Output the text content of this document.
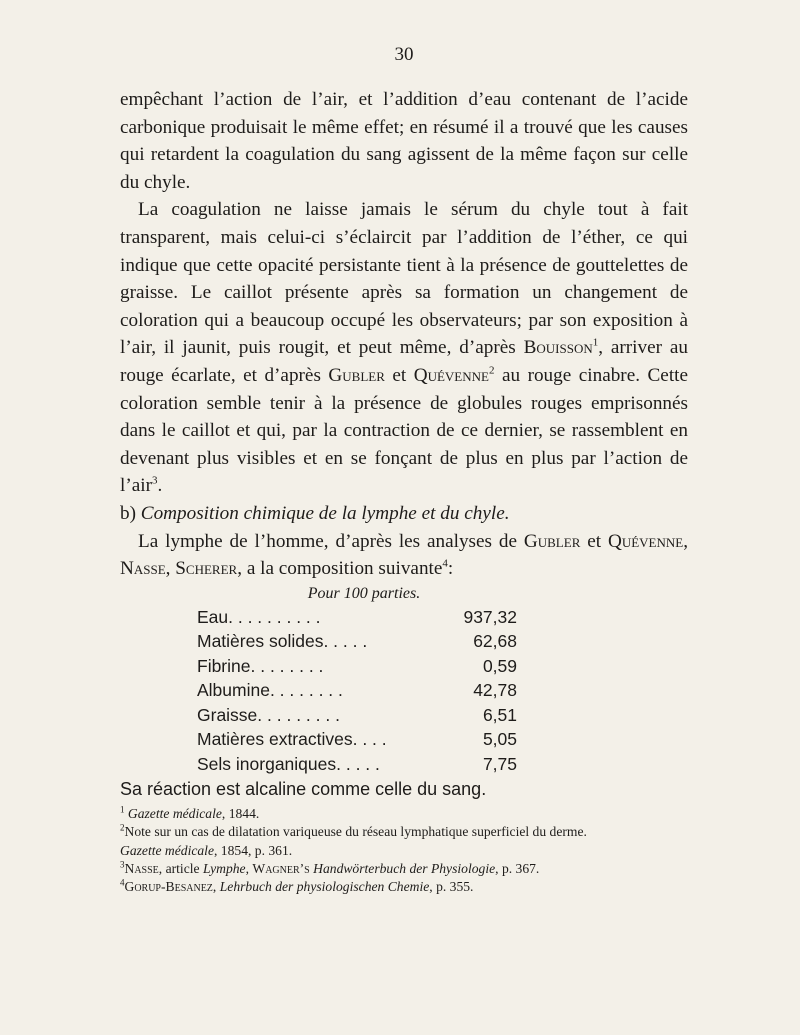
30

empêchant l’action de l’air, et l’addition d’eau contenant de l’acide carbonique produisait le même effet; en résumé il a trouvé que les causes qui retardent la coagulation du sang agissent de la même façon sur celle du chyle.

La coagulation ne laisse jamais le sérum du chyle tout à fait transparent, mais celui-ci s’éclaircit par l’addition de l’éther, ce qui indique que cette opacité persistante tient à la présence de gouttelettes de graisse. Le caillot présente après sa formation un changement de coloration qui a beaucoup occupé les observateurs; par son exposition à l’air, il jaunit, puis rougit, et peut même, d’après Bouisson$^1$, arriver au rouge écarlate, et d’après Gubler et Quévenne$^2$ au rouge cinabre. Cette coloration semble tenir à la présence de globules rouges emprisonnés dans le caillot et qui, par la contraction de ce dernier, se rassemblent en devenant plus visibles et en se fonçant de plus en plus par l’action de l’air$^3$.

b) Composition chimique de la lymphe et du chyle.

La lymphe de l’homme, d’après les analyses de Gubler et Quévenne, Nasse, Scherer, a la composition suivante$^4$:

Pour 100 parties.
Eau. . . . . . . . . .	937,32
Matières solides. . . . .	62,68
Fibrine. . . . . . . .	0,59
Albumine. . . . . . . .	42,78
Graisse. . . . . . . . .	6,51
Matières extractives. . . .	5,05
Sels inorganiques. . . . .	7,75
Sa réaction est alcaline comme celle du sang.

$^1$ Gazette médicale, 1844.

$^2$Note sur un cas de dilatation variqueuse du réseau lymphatique superficiel du derme.
Gazette médicale, 1854, p. 361.

$^3$Nasse, article Lymphe, Wagner’s Handwörterbuch der Physiologie, p. 367.

$^4$Gorup-Besanez, Lehrbuch der physiologischen Chemie, p. 355.
